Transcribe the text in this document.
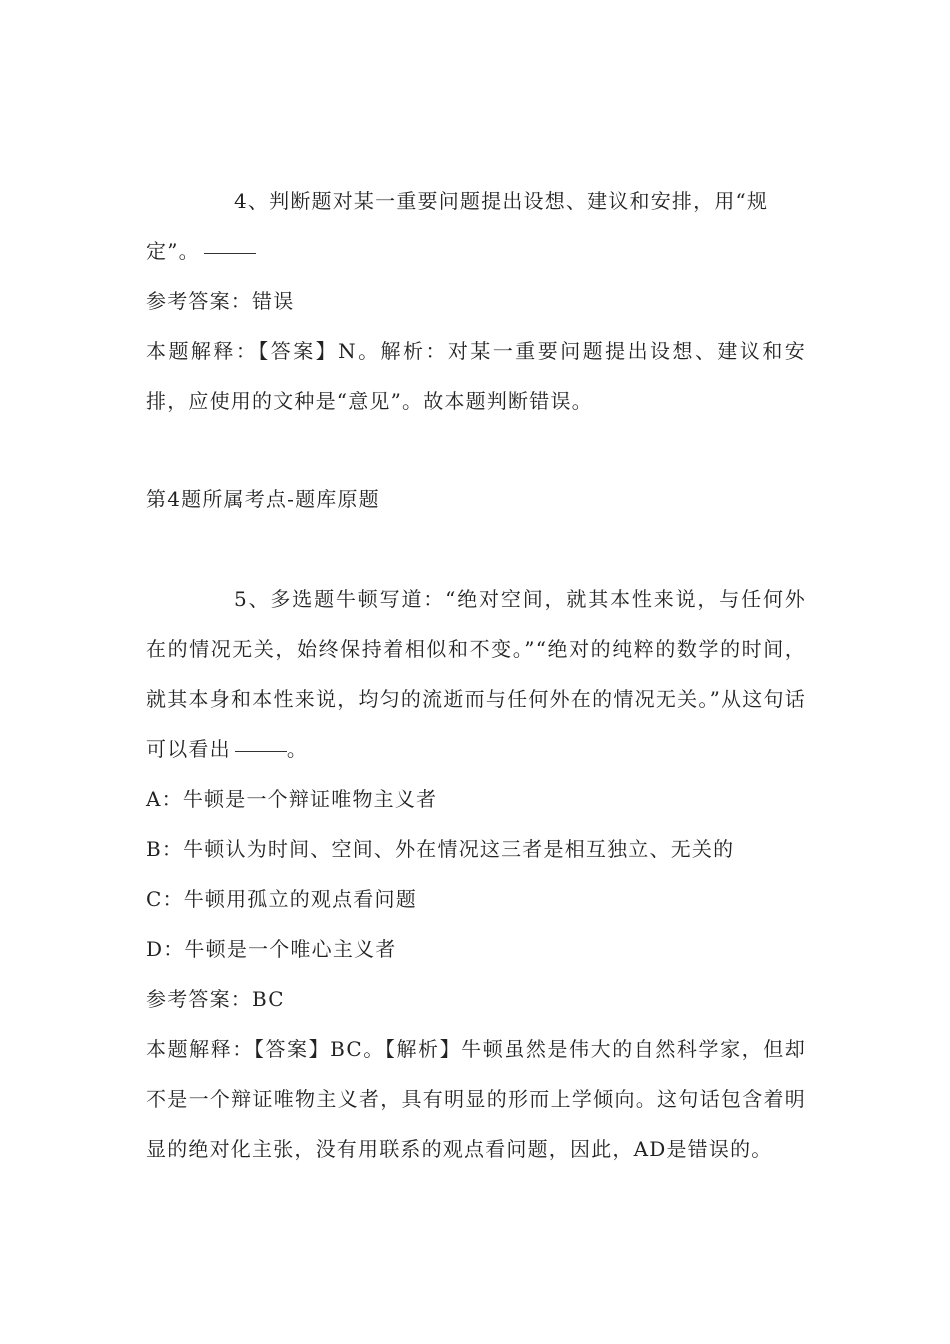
4、判断题对某一重要问题提出设想、建议和安排，用“规
定”。

参考答案：错误

本题解释：【答案】N。解析：对某一重要问题提出设想、建议和安排，应使用的文种是“意见”。故本题判断错误。

第4题所属考点-题库原题

5、多选题牛顿写道：“绝对空间，就其本性来说，与任何外在的情况无关，始终保持着相似和不变。”“绝对的纯粹的数学的时间，就其本身和本性来说，均匀的流逝而与任何外在的情况无关。”从这句话可以看出	。

A：牛顿是一个辩证唯物主义者

B：牛顿认为时间、空间、外在情况这三者是相互独立、无关的

C：牛顿用孤立的观点看问题

D：牛顿是一个唯心主义者

参考答案：BC

本题解释：【答案】BC。【解析】牛顿虽然是伟大的自然科学家，但却不是一个辩证唯物主义者，具有明显的形而上学倾向。这句话包含着明显的绝对化主张，没有用联系的观点看问题，因此，AD是错误的。
